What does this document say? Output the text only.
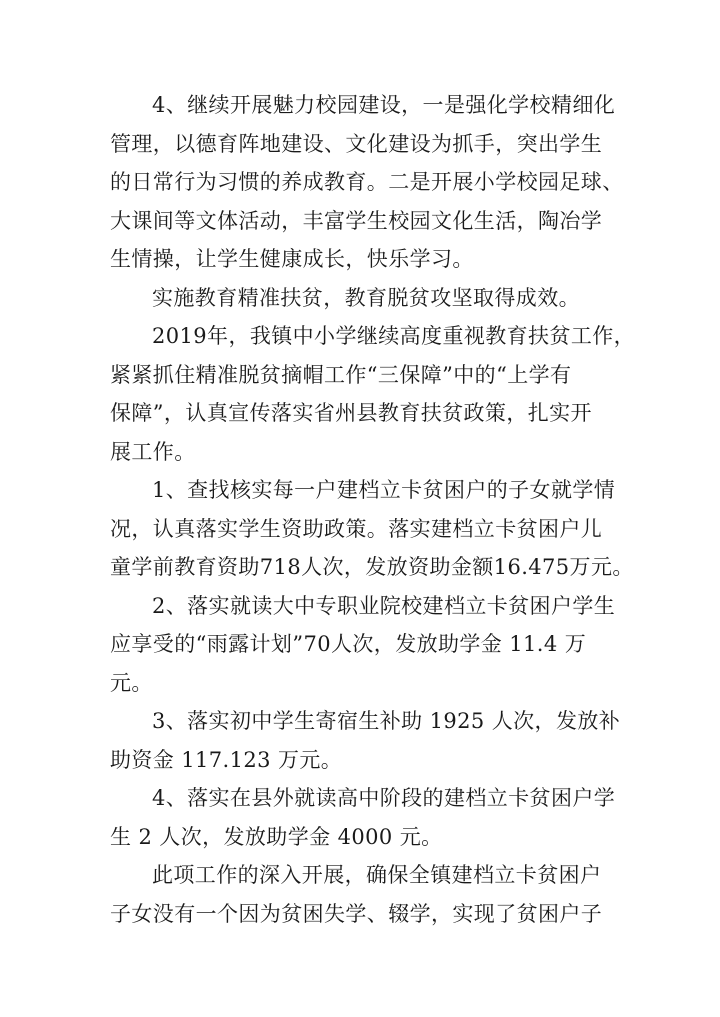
4、继续开展魅力校园建设，一是强化学校精细化
管理，以德育阵地建设、文化建设为抓手，突出学生
的日常行为习惯的养成教育。二是开展小学校园足球、
大课间等文体活动，丰富学生校园文化生活，陶冶学
生情操，让学生健康成长，快乐学习。

实施教育精准扶贫，教育脱贫攻坚取得成效。

2019年，我镇中小学继续高度重视教育扶贫工作，
紧紧抓住精准脱贫摘帽工作“三保障”中的“上学有
保障”，认真宣传落实省州县教育扶贫政策，扎实开
展工作。

1、查找核实每一户建档立卡贫困户的子女就学情
况，认真落实学生资助政策。落实建档立卡贫困户儿
童学前教育资助718人次，发放资助金额16.475万元。

2、落实就读大中专职业院校建档立卡贫困户学生
应享受的“雨露计划”70人次，发放助学金 11.4 万
元。

3、落实初中学生寄宿生补助 1925 人次，发放补
助资金 117.123 万元。

4、落实在县外就读高中阶段的建档立卡贫困户学
生 2 人次，发放助学金 4000 元。

此项工作的深入开展，确保全镇建档立卡贫困户
子女没有一个因为贫困失学、辍学，实现了贫困户子
